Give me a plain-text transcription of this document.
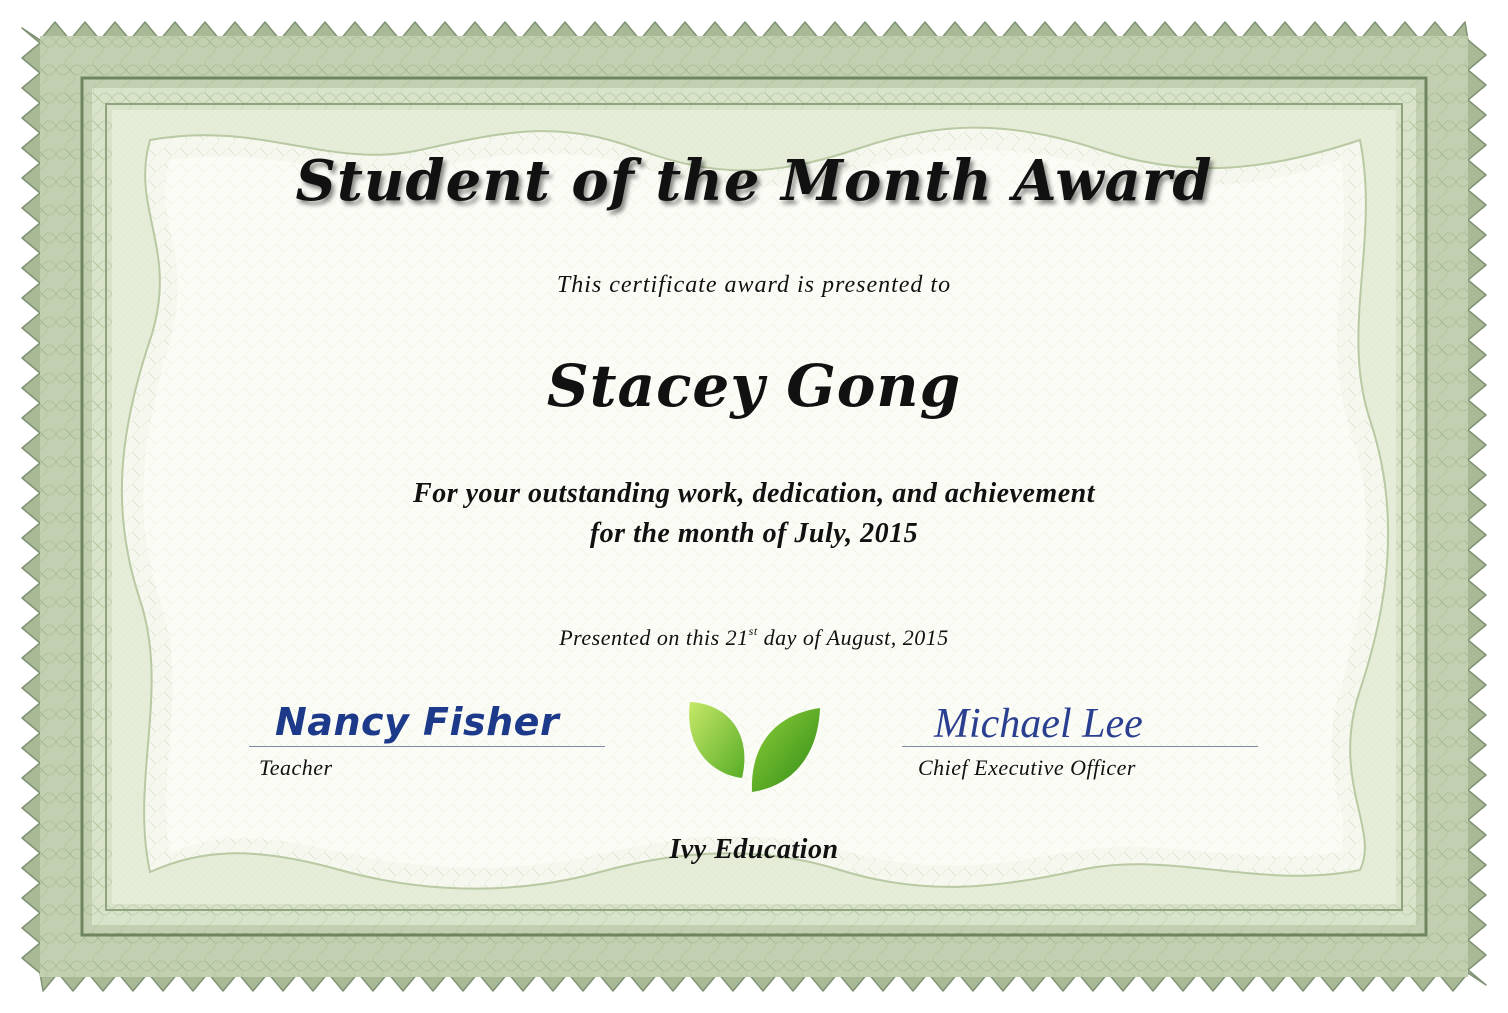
Student of the Month Award
This certificate award is presented to
Stacey Gong
For your outstanding work, dedication, and achievement
for the month of July, 2015
Presented on this 21st day of August, 2015
Nancy Fisher
Teacher
Michael Lee
Chief Executive Officer
Ivy Education
